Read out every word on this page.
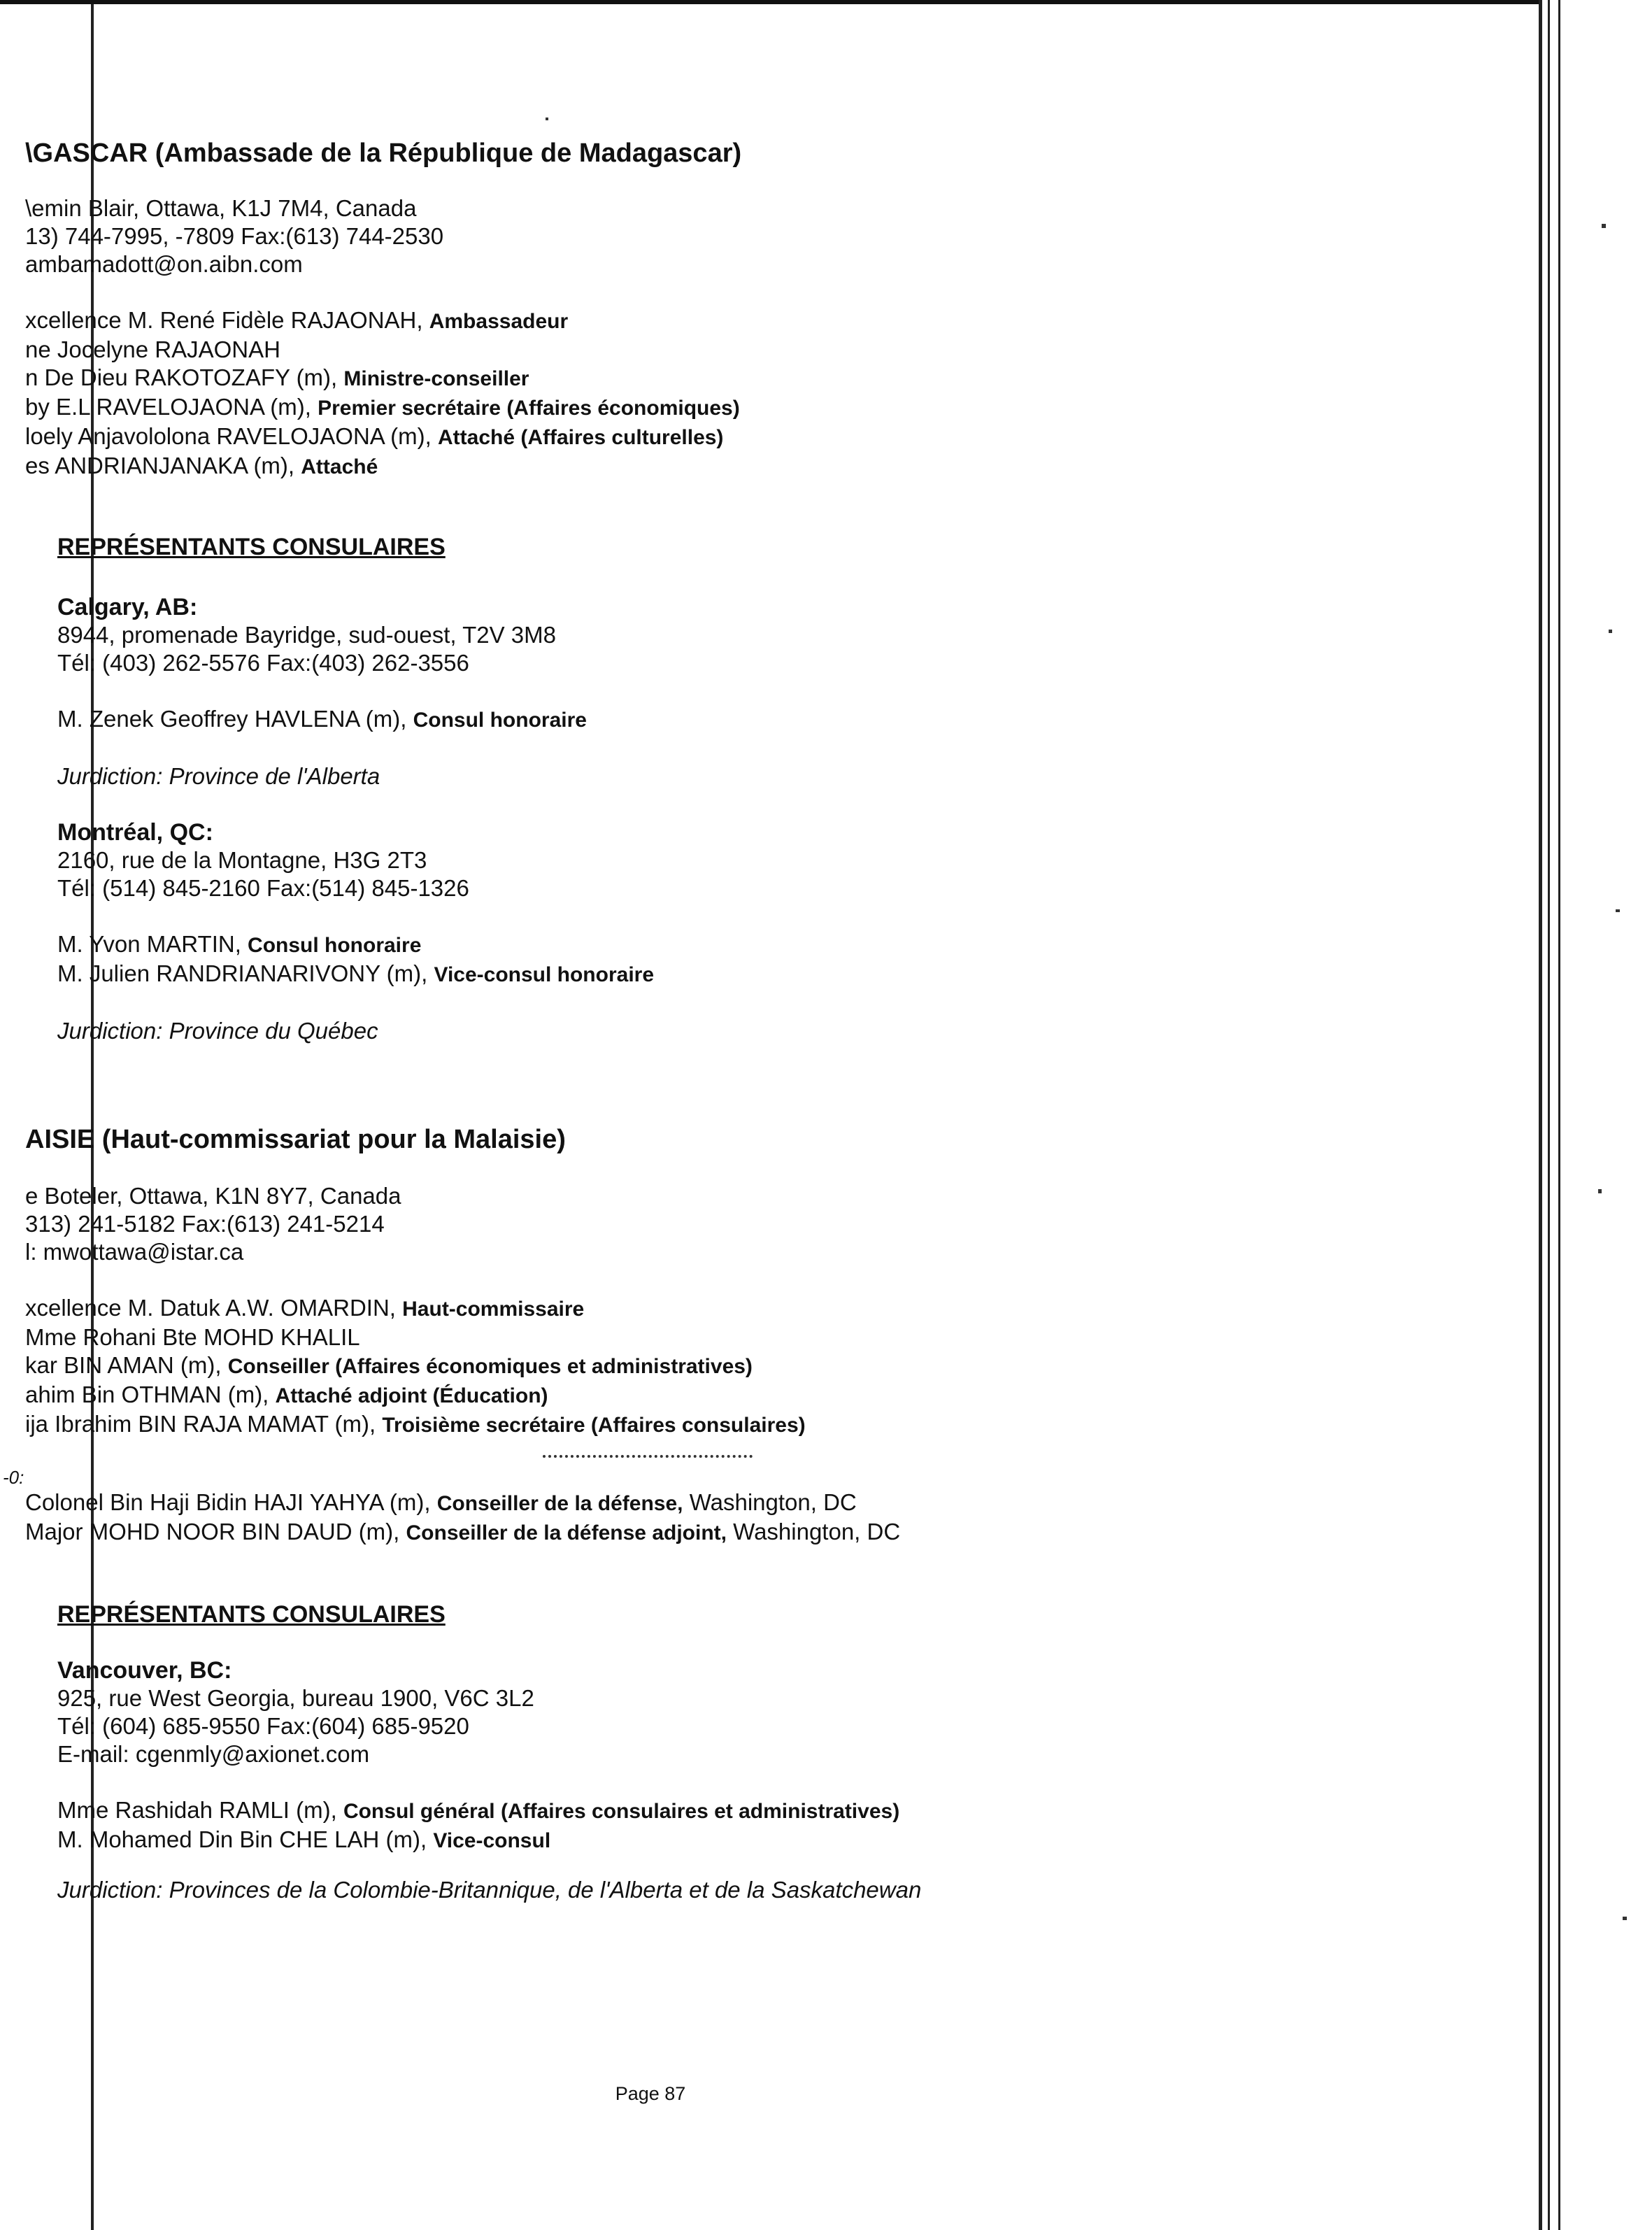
\GASCAR (Ambassade de la République de Madagascar)

\emin Blair, Ottawa, K1J 7M4, Canada

13) 744-7995, -7809 Fax:(613) 744-2530

ambamadott@on.aibn.com

xcellence M. René Fidèle RAJAONAH, Ambassadeur

ne Jocelyne RAJAONAH

n De Dieu RAKOTOZAFY (m), Ministre-conseiller

by E.L RAVELOJAONA (m), Premier secrétaire (Affaires économiques)

loely Anjavololona RAVELOJAONA (m), Attaché (Affaires culturelles)

es ANDRIANJANAKA (m), Attaché

REPRÉSENTANTS CONSULAIRES

Calgary, AB:

8944, promenade Bayridge, sud-ouest, T2V 3M8

Tél: (403) 262-5576 Fax:(403) 262-3556

M. Zenek Geoffrey HAVLENA (m), Consul honoraire

Jurdiction: Province de l'Alberta

Montréal, QC:

2160, rue de la Montagne, H3G 2T3

Tél: (514) 845-2160 Fax:(514) 845-1326

M. Yvon MARTIN, Consul honoraire

M. Julien RANDRIANARIVONY (m), Vice-consul honoraire

Jurdiction: Province du Québec

AISIE (Haut-commissariat pour la Malaisie)

e Boteler, Ottawa, K1N 8Y7, Canada

313) 241-5182 Fax:(613) 241-5214

l: mwottawa@istar.ca

xcellence M. Datuk A.W. OMARDIN, Haut-commissaire

Mme Rohani Bte MOHD KHALIL

kar BIN AMAN (m), Conseiller (Affaires économiques et administratives)

ahim Bin OTHMAN (m), Attaché adjoint (Éducation)

ija Ibrahim BIN RAJA MAMAT (m), Troisième secrétaire (Affaires consulaires)

-0:

Colonel Bin Haji Bidin HAJI YAHYA (m), Conseiller de la défense, Washington, DC

Major MOHD NOOR BIN DAUD (m), Conseiller de la défense adjoint, Washington, DC

REPRÉSENTANTS CONSULAIRES

Vancouver, BC:

925, rue West Georgia, bureau 1900, V6C 3L2

Tél: (604) 685-9550 Fax:(604) 685-9520

E-mail: cgenmly@axionet.com

Mme Rashidah RAMLI (m), Consul général (Affaires consulaires et administratives)

M. Mohamed Din Bin CHE LAH (m), Vice-consul

Jurdiction: Provinces de la Colombie-Britannique, de l'Alberta et de la Saskatchewan

Page 87
